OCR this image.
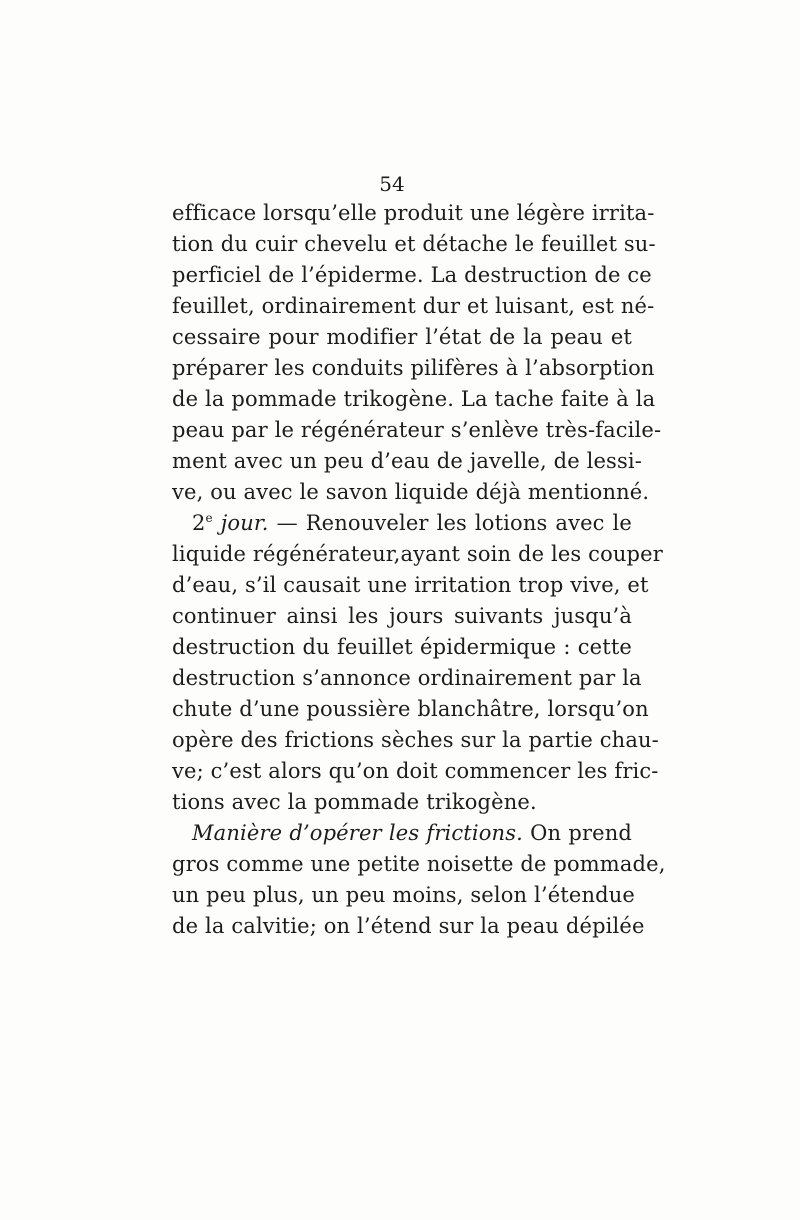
54
efficace lorsqu’elle produit une légère irrita-
tion du cuir chevelu et détache le feuillet su-
perficiel de l’épiderme. La destruction de ce
feuillet, ordinairement dur et luisant, est né-
cessaire pour modifier l’état de la peau et
préparer les conduits pilifères à l’absorption
de la pommade trikogène. La tache faite à la
peau par le régénérateur s’enlève très-facile-
ment avec un peu d’eau de javelle, de lessi-
ve, ou avec le savon liquide déjà mentionné.
2e jour. — Renouveler les lotions avec le
liquide régénérateur,ayant soin de les couper
d’eau, s’il causait une irritation trop vive, et
continuer ainsi les jours suivants jusqu’à
destruction du feuillet épidermique : cette
destruction s’annonce ordinairement par la
chute d’une poussière blanchâtre, lorsqu’on
opère des frictions sèches sur la partie chau-
ve; c’est alors qu’on doit commencer les fric-
tions avec la pommade trikogène.
Manière d’opérer les frictions. On prend
gros comme une petite noisette de pommade,
un peu plus, un peu moins, selon l’étendue
de la calvitie; on l’étend sur la peau dépilée
